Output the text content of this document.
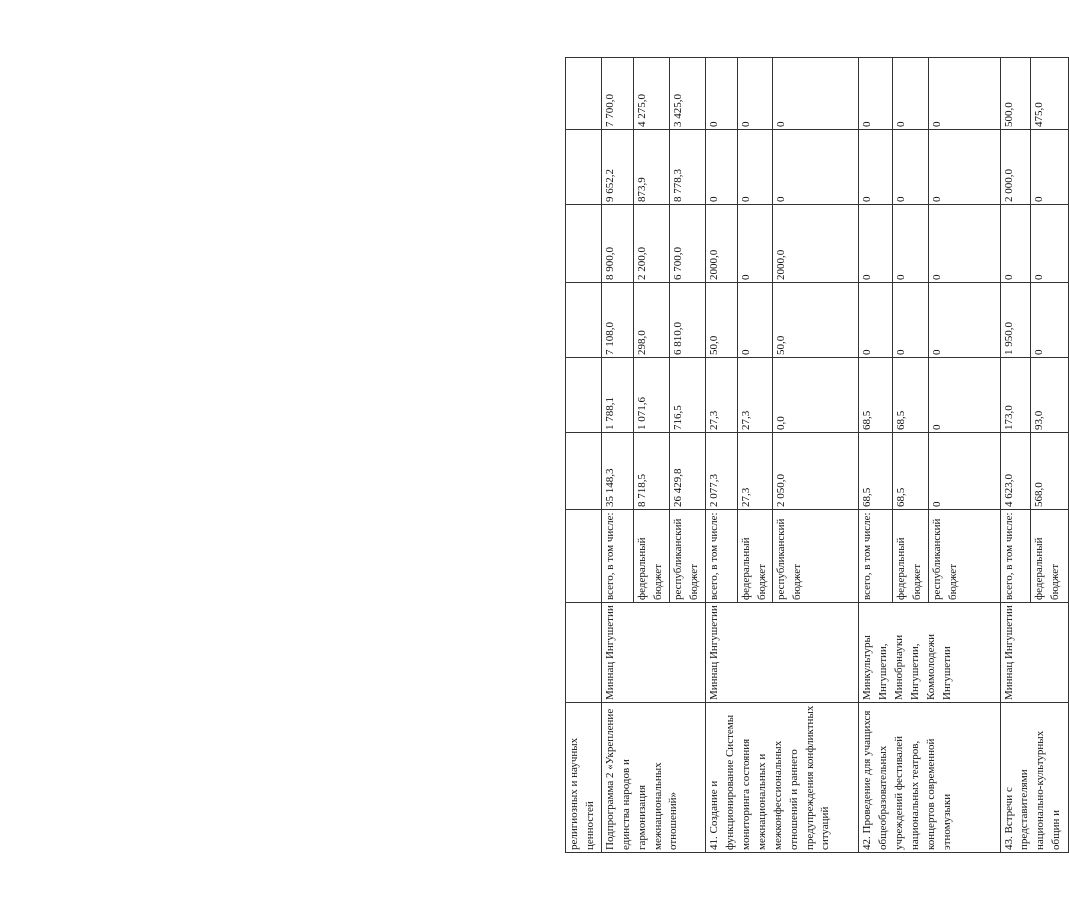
религиозных и научных ценностей								
Подпрограмма 2 «Укрепление единства народов и гармонизация межнациональных отношений»	Миннац Ингушетии	всего, в том числе:	35 148,3	1 788,1	7 108,0	8 900,0	9 652,2	7 700,0
		федеральный бюджет	8 718,5	1 071,6	298,0	2 200,0	873,9	4 275,0
		республиканский бюджет	26 429,8	716,5	6 810,0	6 700,0	8 778,3	3 425,0
41. Создание и функционирование Системы мониторинга состояния межнациональных и межконфессиональных отношений и раннего предупреждения конфликтных ситуаций	Миннац Ингушетии	всего, в том числе:	2 077,3	27,3	50,0	2000,0	0	0
		федеральный бюджет	27,3	27,3	0	0	0	0
		республиканский бюджет	2 050,0	0,0	50,0	2000,0	0	0
42. Проведение для учащихся общеобразовательных учреждений фестивалей национальных театров, концертов современной этномузыки	Минкультуры Ингушетии, Минобрнауки Ингушетии, Коммолодежи Ингушетии	всего, в том числе:	68,5	68,5	0	0	0	0
		федеральный бюджет	68,5	68,5	0	0	0	0
		республиканский бюджет	0	0	0	0	0	0
43. Встречи с представителями национально-культурных общин и	Миннац Ингушетии	всего, в том числе:	4 623,0	173,0	1 950,0	0	2 000,0	500,0
		федеральный бюджет	568,0	93,0	0	0	0	475,0
